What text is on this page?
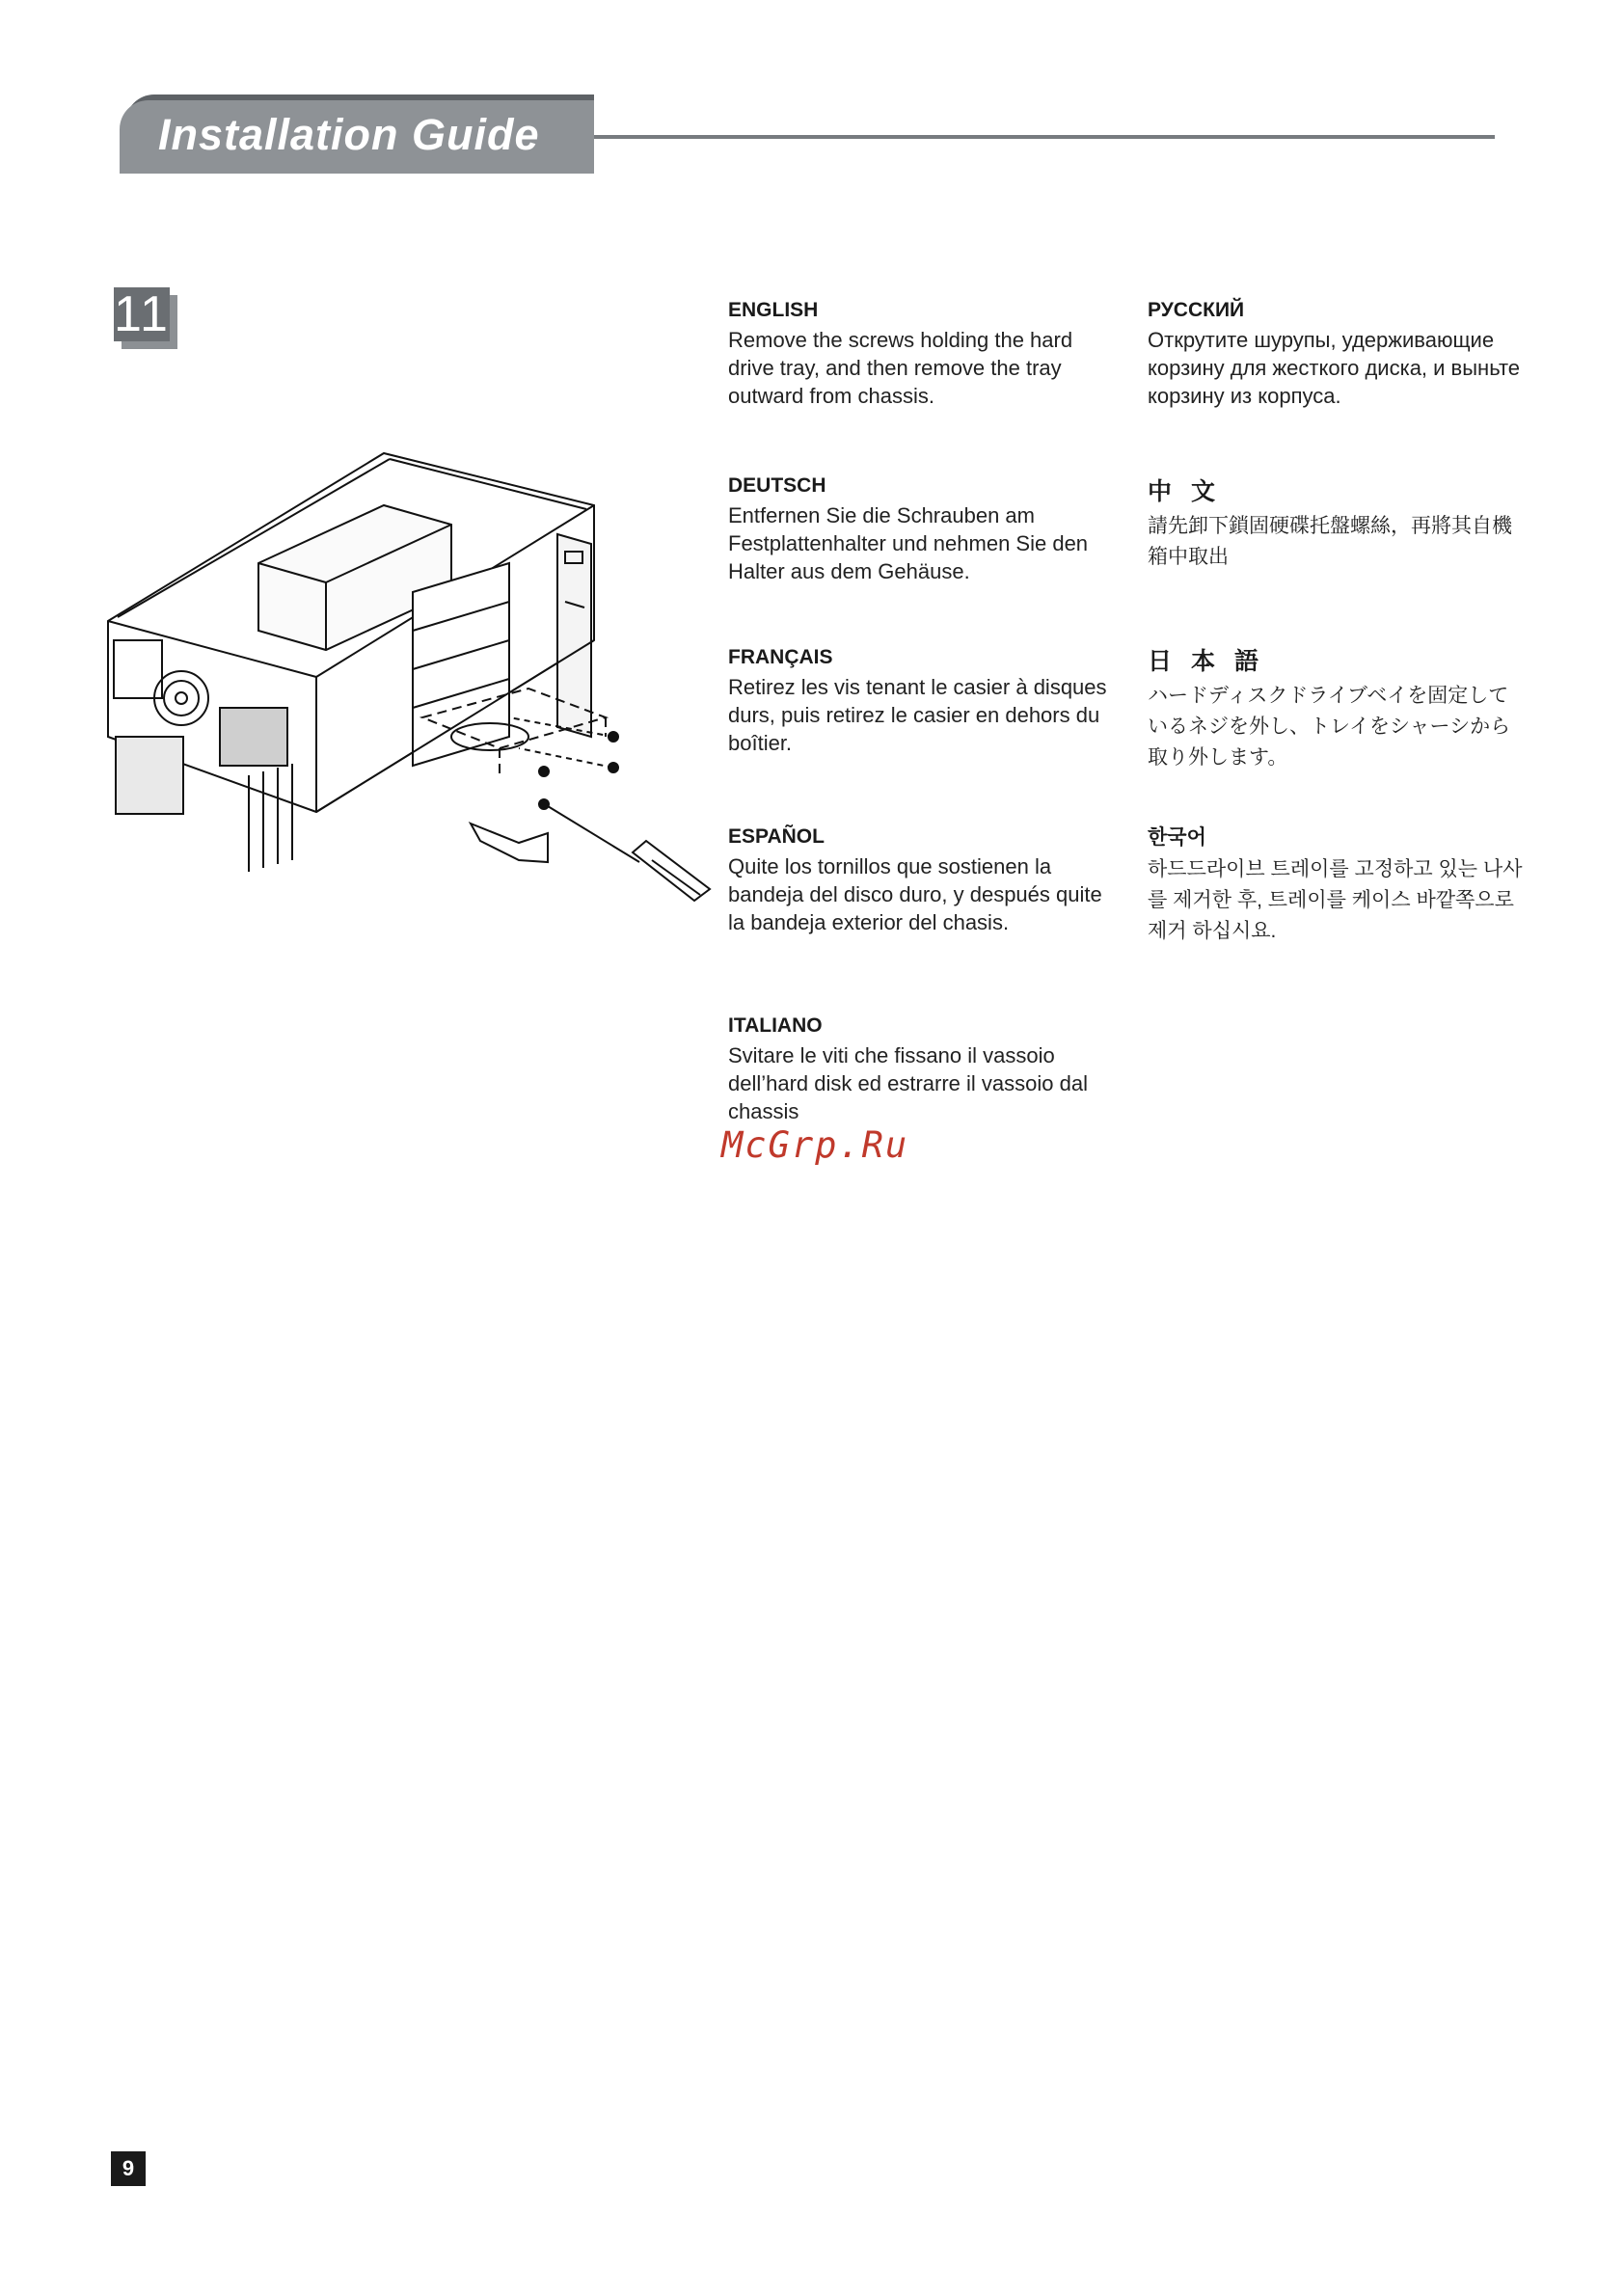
Installation Guide
11	ENGLISH
Remove the screws holding the hard drive tray, and then remove the tray outward from chassis.
DEUTSCH
Entfernen Sie die Schrauben am Festplattenhalter und nehmen Sie den Halter aus dem Gehäuse.
FRANÇAIS
Retirez les vis tenant le casier à disques durs, puis retirez le casier en dehors du boîtier.
ESPAÑOL
Quite los tornillos que sostienen la bandeja del disco duro, y después quite la bandeja exterior del chasis.
ITALIANO
Svitare le viti che fissano il vassoio dell’hard disk ed estrarre il vassoio dal chassis
РУССКИЙ
Открутите шурупы, удерживающие корзину для жесткого диска, и выньте корзину из корпуса.
中文
請先卸下鎖固硬碟托盤螺絲，再將其自機箱中取出
日本語
ハードディスクドライブベイを固定しているネジを外し、トレイをシャーシから取り外します。
한국어
하드드라이브 트레이를 고정하고 있는 나사를 제거한 후, 트레이를 케이스 바깥쪽으로 제거 하십시요.
McGrp.Ru
9
